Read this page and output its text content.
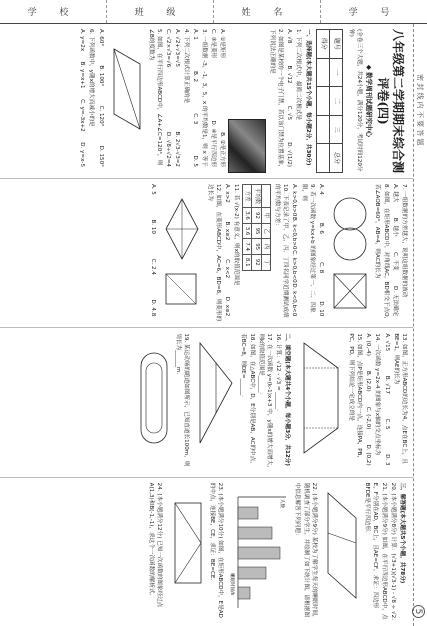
学 校	班 级	姓 名	学 号
密 封 线 内 不 要 答 题
5
八年级第二学期期末综合测评卷(四)
◆ 数学周刊试题研究中心
(全卷三个大题，共24小题，满分120分，考试时间120分钟)
题号	一	二	三	总分
得分				
一、选择题(本大题共15个小题，每小题2分，共30分)
1. 下列二次根式中，最简二次根式是
A. √8
B. √12
C. √5
D. √(1/2)
2. 如图是某校的一个电子门禁，若以该门禁为位置基准，下列说法正确的是
A. ①是矩形
B. ②是正方形
C. ③是菱形
D. ④是平行四边形
3. 一组数据 -3，-1，3，5，x 的平均数是1，则 x 等于
A. 1
B. 2
C. 3
D. 5
4. 下列二次根式计算正确的是
A. √2+√3=√5
B. 2√3-√3=2
C. √2×√3=√6
D. √8÷√2=4
5. 如图，在平行四边形ABCD中，∠A+∠C=120°，则∠B的度数为
A. 60°
B. 100°
C. 120°
D. 150°
6. 下列函数中，y随x的增大而减小的是
A. y=2x
B. y=x+1
C. y=-3x+2
D. y=x-5
7. 一组数据的方差越大，说明这组数据的波动
A. 越大
B. 越小
C. 不变
D. 无法确定
8. 如图，在矩形ABCD中，对角线AC，BD相交于点O，若∠AOB=60°，AB=4，则AC的长为
A. 4
B. 6
C. 8
D. 10
9. 若一次函数 y=kx+b 的图象经过第一、二、四象限，则
A. k>0,b>0
B. k<0,b>0
C. k>0,b<0
D. k<0,b<0
10. 下表记录了甲、乙、丙、丁四名同学近期测试成绩的平均数与方差：
	甲	乙	丙	丁
平均数	92	95	95	92
方差	3.6	3.6	7.4	8.1
11. 若 √(x-2) 有意义，则x的取值范围是
A. x>2
B. x≥2
C. x<2
D. x≤2
12. 如图，在菱形ABCD中，AC=6，BD=8，则菱形的边长为
A. 5
B. 10
C. 2.4
D. 4.8
13. 如图，正方形ABCD的边长为4，点E在BC上，且BE=1，则AE的长为
A. √15
B. √17
C. 5
D. 3
14. 一次函数 y=2x-4 的图象与x轴的交点坐标为
A. (0,-4)
B. (2,0)
C. (-2,0)
D. (0,2)
15. 如图，点P是矩形ABCD内一点，连接PA，PB，PC，PD，则下列结论一定成立的是
二、填空题(本大题共4个小题，每小题3分，共12分)
16. 计算：√12 - √3 = ______.
17. 在一次函数 y=(k-1)x+3 中，y随x的增大而增大，则k的取值范围是______.
18. 如图，在△ABC中，D，E分别是AB，AC的中点，若BC=8，则DE=______.
19. 某运动场的跑道如图所示，已知直道长100m，则周长为______m.
三、解答题(本大题共5个小题，共78分)
20. (本小题满分8分) 计算：(√3+1)(√3-1) - √8 ÷ √2.
21. (本小题满分9分) 如图，在平行四边形ABCD中，点E，F分别在AD，BC上，且AE=CF，求证：四边形BFDE是平行四边形.
22. (本小题满分9分) 某校为了解学生每天的睡眠时间，随机调查了部分学生，并绘制了如下统计图，请根据图中信息解答下列问题：
人数
睡眠时间/h
23. (本小题满分10分) 如图，在矩形ABCD中，E是AD的中点，连接BE，CE，求证：BE=CE.
24. (本小题满分12分) 已知一次函数的图象经过点A(1,3)和B(-1,-1)，求这个一次函数的解析式.
